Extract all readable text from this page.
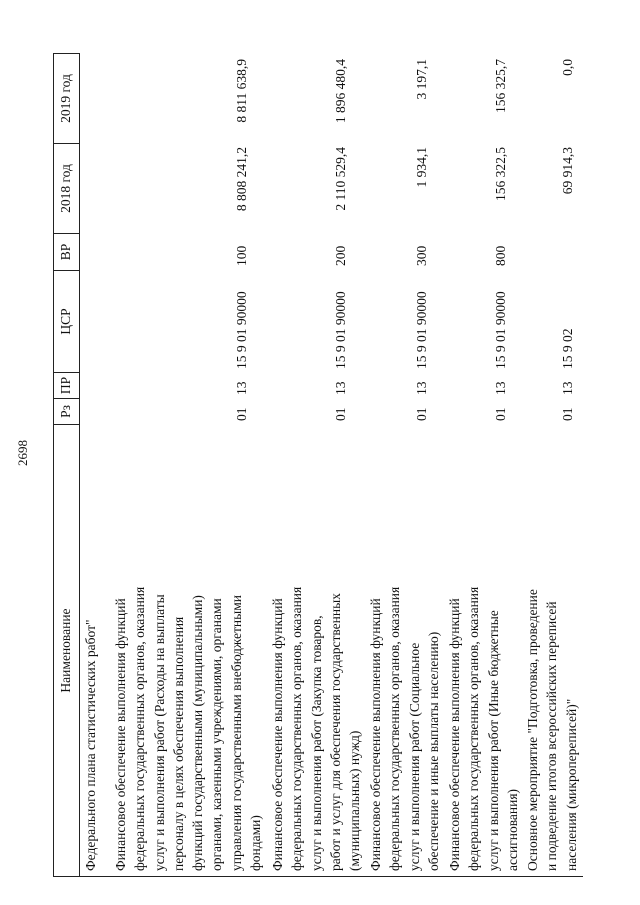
2698
Наименование
Рз
ПР
ЦСР
ВР
2018 год
2019 год
Федерального плана статистических работ" Финансовое обеспечение выполнения функций федеральных государственных органов, оказания услуг и выполнения работ (Расходы на выплаты персоналу в целях обеспечения выполнения функций государственными (муниципальными) органами, казенными учреждениями, органами управления государственными внебюджетными фондами)
01
13
15 9 01 90000
100
8 808 241,2
8 811 638,9
Финансовое обеспечение выполнения функций федеральных государственных органов, оказания услуг и выполнения работ (Закупка товаров, работ и услуг для обеспечения государственных (муниципальных) нужд)
01
13
15 9 01 90000
200
2 110 529,4
1 896 480,4
Финансовое обеспечение выполнения функций федеральных государственных органов, оказания услуг и выполнения работ (Социальное обеспечение и иные выплаты населению)
01
13
15 9 01 90000
300
1 934,1
3 197,1
Финансовое обеспечение выполнения функций федеральных государственных органов, оказания услуг и выполнения работ (Иные бюджетные ассигнования)
01
13
15 9 01 90000
800
156 322,5
156 325,7
Основное мероприятие "Подготовка, проведение и подведение итогов всероссийских переписей населения (микропереписей)"
01
13
15 9 02
69 914,3
0,0
